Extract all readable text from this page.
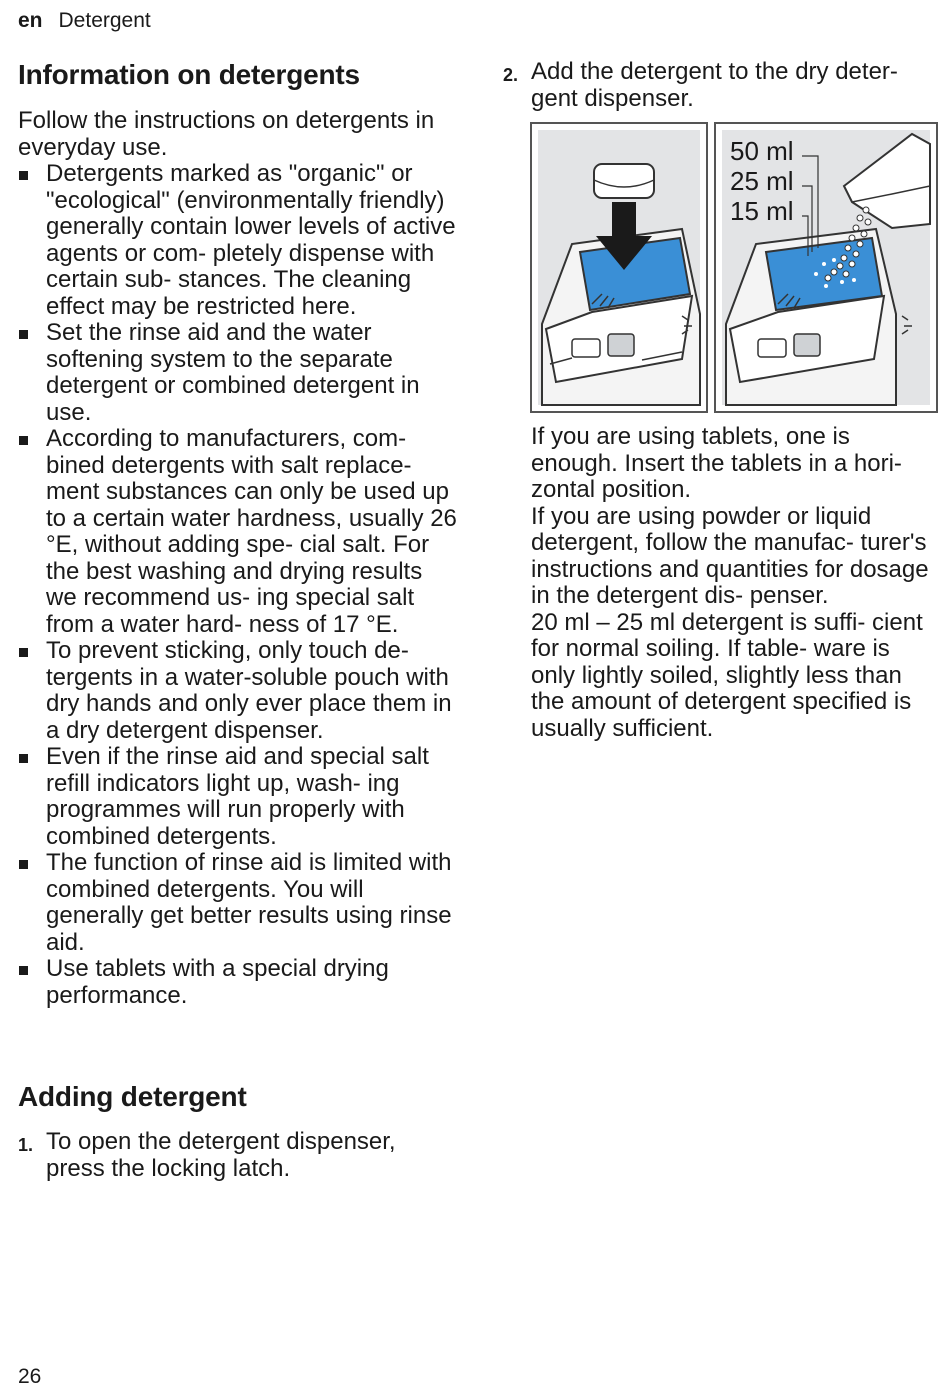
en Detergent
Information on detergents

Follow the instructions on detergents in everyday use.

Detergents marked as "organic" or "ecological" (environmentally friendly) generally contain lower levels of active agents or com- pletely dispense with certain sub- stances. The cleaning effect may be restricted here.
Set the rinse aid and the water softening system to the separate detergent or combined detergent in use.
According to manufacturers, com- bined detergents with salt replace- ment substances can only be used up to a certain water hardness, usually 26 °E, without adding spe- cial salt. For the best washing and drying results we recommend us- ing special salt from a water hard- ness of 17 °E.
To prevent sticking, only touch de- tergents in a water-soluble pouch with dry hands and only ever place them in a dry detergent dispenser.
Even if the rinse aid and special salt refill indicators light up, wash- ing programmes will run properly with combined detergents.
The function of rinse aid is limited with combined detergents. You will generally get better results using rinse aid.
Use tablets with a special drying performance.
Adding detergent
1. To open the detergent dispenser, press the locking latch.
2. Add the detergent to the dry deter- gent dispenser.

If you are using tablets, one is enough. Insert the tablets in a hori- zontal position.

If you are using powder or liquid detergent, follow the manufac- turer's instructions and quantities for dosage in the detergent dis- penser.

20 ml – 25 ml detergent is suffi- cient for normal soiling. If table- ware is only lightly soiled, slightly less than the amount of detergent specified is usually sufficient.

50 ml
25 ml
15 ml
26
